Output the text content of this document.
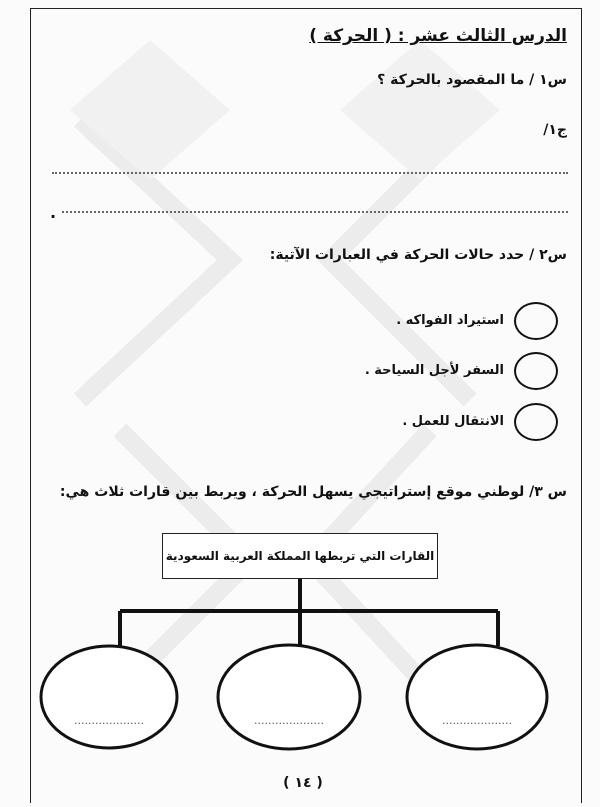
الدرس الثالث عشر : ( الحركة )
س١ / ما المقصود بالحركة ؟
ج١/
.
س٢ / حدد حالات الحركة في العبارات الآتية:
استيراد الفواكه .
السفر لأجل السياحة .
الانتقال للعمل .
س ٣/ لوطني موقع إستراتيجي يسهل الحركة ، ويربط بين قارات ثلاث هي:
القارات التي تربطها المملكة العربية السعودية
....................	....................	....................
( ١٤ )
